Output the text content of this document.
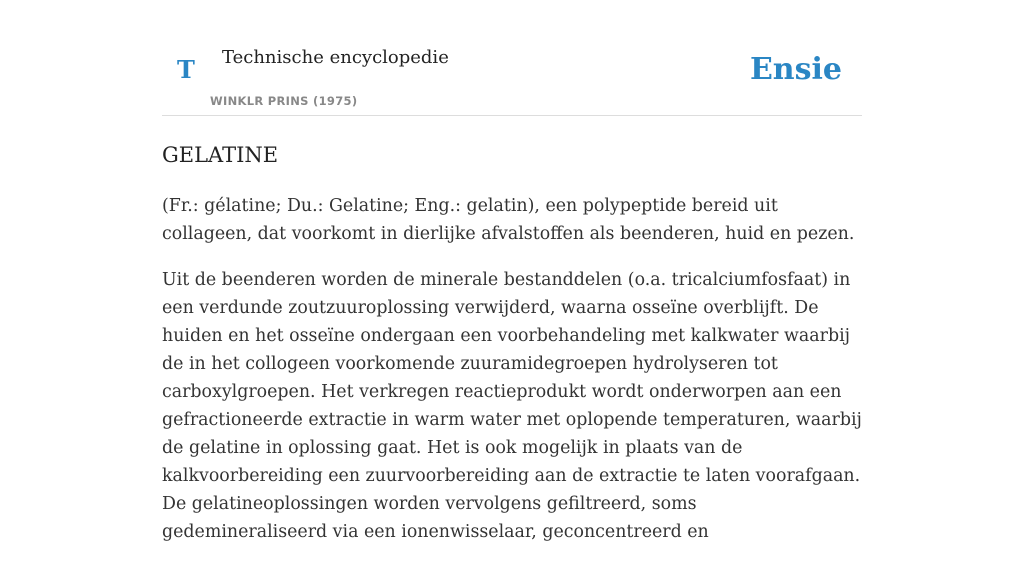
T Technische encyclopedie
WINKLR PRINS (1975)
Ensie
GELATINE

(Fr.: gélatine; Du.: Gelatine; Eng.: gelatin), een polypeptide bereid uit collageen, dat voorkomt in dierlijke afvalstoffen als beenderen, huid en pezen.

Uit de beenderen worden de minerale bestanddelen (o.a. tricalciumfosfaat) in een verdunde zoutzuuroplossing verwijderd, waarna osseïne overblijft. De huiden en het osseïne ondergaan een voorbehandeling met kalkwater waarbij de in het collogeen voorkomende zuuramidegroepen hydrolyseren tot carboxylgroepen. Het verkregen reactieprodukt wordt onderworpen aan een gefractioneerde extractie in warm water met oplopende temperaturen, waarbij de gelatine in oplossing gaat. Het is ook mogelijk in plaats van de kalkvoorbereiding een zuurvoorbereiding aan de extractie te laten voorafgaan. De gelatineoplossingen worden vervolgens gefiltreerd, soms gedemineraliseerd via een ionenwisselaar, geconcentreerd en
